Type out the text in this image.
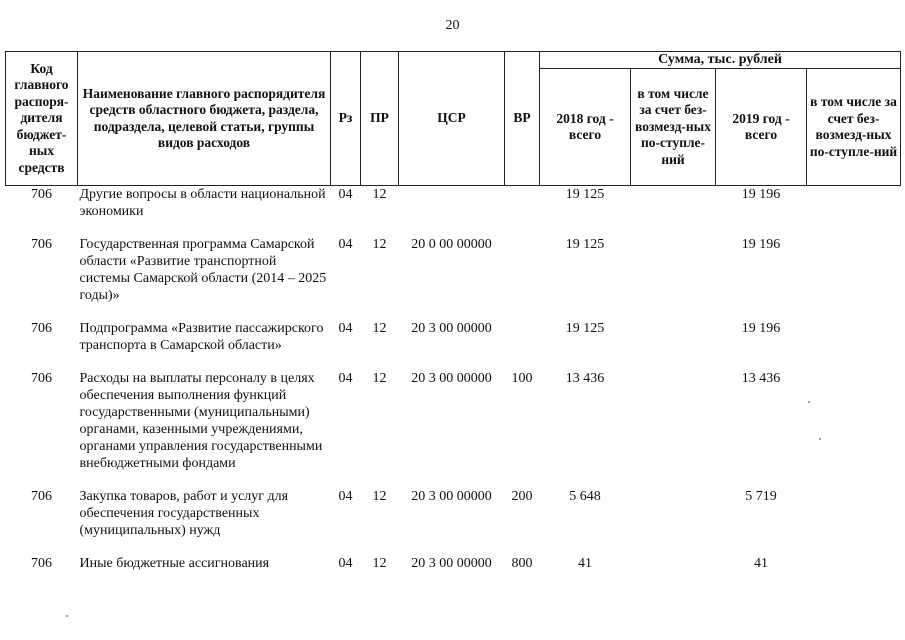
20
Код главного распоря-дителя бюджет-ных средств	Наименование главного распорядителя средств областного бюджета, раздела, подраздела, целевой статьи, группы видов расходов	Рз	ПР	ЦСР	ВР	Сумма, тыс. рублей			
						2018 год - всего	в том числе за счет без-возмезд-ных по-ступле-ний	2019 год - всего	в том числе за счет без-возмезд-ных по-ступле-ний
706	Другие вопросы в области национальной экономики	04	12			19 125		19 196	
706	Государственная программа Самарской области «Развитие транспортной системы Самарской области (2014 – 2025 годы)»	04	12	20 0 00 00000		19 125		19 196	
706	Подпрограмма «Развитие пассажирского транспорта в Самарской области»	04	12	20 3 00 00000		19 125		19 196	
706	Расходы на выплаты персоналу в целях обеспечения выполнения функций государственными (муниципальными) органами, казенными учреждениями, органами управления государственными внебюджетными фондами	04	12	20 3 00 00000	100	13 436		13 436	
706	Закупка товаров, работ и услуг для обеспечения государственных (муниципальных) нужд	04	12	20 3 00 00000	200	5 648		5 719	
706	Иные бюджетные ассигнования	04	12	20 3 00 00000	800	41		41	
